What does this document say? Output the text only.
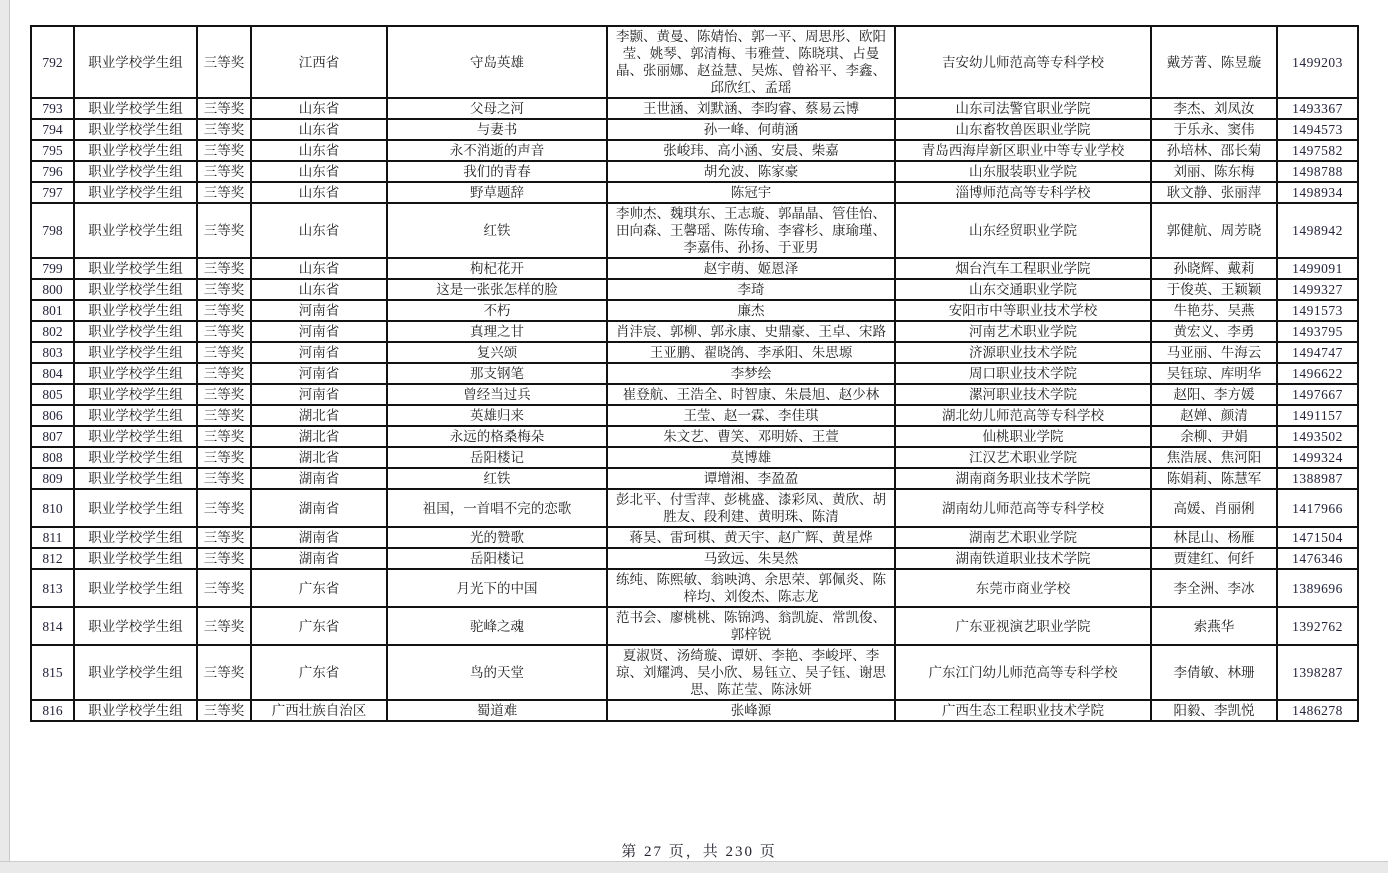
792	职业学校学生组	三等奖	江西省	守岛英雄	李颢、黄曼、陈婧怡、郭一平、周思彤、欧阳莹、姚琴、郭清梅、韦雅萱、陈晓琪、占曼晶、张丽娜、赵益慧、吴炼、曾裕平、李鑫、邱欣红、孟瑶	吉安幼儿师范高等专科学校	戴芳菁、陈昱璇	1499203
793	职业学校学生组	三等奖	山东省	父母之河	王世涵、刘默涵、李昀睿、蔡易云博	山东司法警官职业学院	李杰、刘凤汝	1493367
794	职业学校学生组	三等奖	山东省	与妻书	孙一峰、何萌涵	山东畜牧兽医职业学院	于乐永、窦伟	1494573
795	职业学校学生组	三等奖	山东省	永不消逝的声音	张峻玮、高小涵、安晨、柴嘉	青岛西海岸新区职业中等专业学校	孙培林、邵长菊	1497582
796	职业学校学生组	三等奖	山东省	我们的青春	胡允波、陈家豪	山东服装职业学院	刘丽、陈东梅	1498788
797	职业学校学生组	三等奖	山东省	野草题辞	陈冠宇	淄博师范高等专科学校	耿文静、张丽萍	1498934
798	职业学校学生组	三等奖	山东省	红铁	李帅杰、魏琪东、王志璇、郭晶晶、管佳怡、田向森、王馨瑶、陈传瑜、李睿杉、康瑜瑾、李嘉伟、孙扬、于亚男	山东经贸职业学院	郭健航、周芳晓	1498942
799	职业学校学生组	三等奖	山东省	枸杞花开	赵宇萌、姬恩泽	烟台汽车工程职业学院	孙晓辉、戴莉	1499091
800	职业学校学生组	三等奖	山东省	这是一张张怎样的脸	李琦	山东交通职业学院	于俊英、王颖颖	1499327
801	职业学校学生组	三等奖	河南省	不朽	廉杰	安阳市中等职业技术学校	牛艳芬、吴燕	1491573
802	职业学校学生组	三等奖	河南省	真理之甘	肖沣宸、郭柳、郭永康、史鼎豪、王卓、宋路	河南艺术职业学院	黄宏义、李勇	1493795
803	职业学校学生组	三等奖	河南省	复兴颂	王亚鹏、翟晓鸽、李承阳、朱思塬	济源职业技术学院	马亚丽、牛海云	1494747
804	职业学校学生组	三等奖	河南省	那支钢笔	李梦绘	周口职业技术学院	吴钰琼、库明华	1496622
805	职业学校学生组	三等奖	河南省	曾经当过兵	崔登航、王浩全、时智康、朱晨旭、赵少林	漯河职业技术学院	赵阳、李方媛	1497667
806	职业学校学生组	三等奖	湖北省	英雄归来	王莹、赵一霖、李佳琪	湖北幼儿师范高等专科学校	赵婵、颜清	1491157
807	职业学校学生组	三等奖	湖北省	永远的格桑梅朵	朱文艺、曹笑、邓明娇、王萱	仙桃职业学院	余柳、尹娟	1493502
808	职业学校学生组	三等奖	湖北省	岳阳楼记	莫博雄	江汉艺术职业学院	焦浩展、焦河阳	1499324
809	职业学校学生组	三等奖	湖南省	红铁	谭增湘、李盈盈	湖南商务职业技术学院	陈娟莉、陈慧军	1388987
810	职业学校学生组	三等奖	湖南省	祖国，一首唱不完的恋歌	彭北平、付雪萍、彭桃盛、漆彩凤、黄欣、胡胜友、段利建、黄明珠、陈清	湖南幼儿师范高等专科学校	高媛、肖丽俐	1417966
811	职业学校学生组	三等奖	湖南省	光的赞歌	蒋昊、雷珂棋、黄天宇、赵广辉、黄星烨	湖南艺术职业学院	林昆山、杨雁	1471504
812	职业学校学生组	三等奖	湖南省	岳阳楼记	马致远、朱昊然	湖南铁道职业技术学院	贾建红、何纤	1476346
813	职业学校学生组	三等奖	广东省	月光下的中国	练纯、陈熙敏、翁映鸿、余思荣、郭佩炎、陈梓均、刘俊杰、陈志龙	东莞市商业学校	李全洲、李冰	1389696
814	职业学校学生组	三等奖	广东省	驼峰之魂	范书会、廖桃桃、陈锦鸿、翁凯旋、常凯俊、郭梓锐	广东亚视演艺职业学院	索燕华	1392762
815	职业学校学生组	三等奖	广东省	鸟的天堂	夏淑贤、汤绮璇、谭妍、李艳、李峻坪、李琼、刘耀鸿、吴小欣、易钰立、吴子钰、谢思思、陈芷莹、陈泳妍	广东江门幼儿师范高等专科学校	李倩敏、林珊	1398287
816	职业学校学生组	三等奖	广西壮族自治区	蜀道难	张峰源	广西生态工程职业技术学院	阳毅、李凯悦	1486278
第 27 页，共 230 页
